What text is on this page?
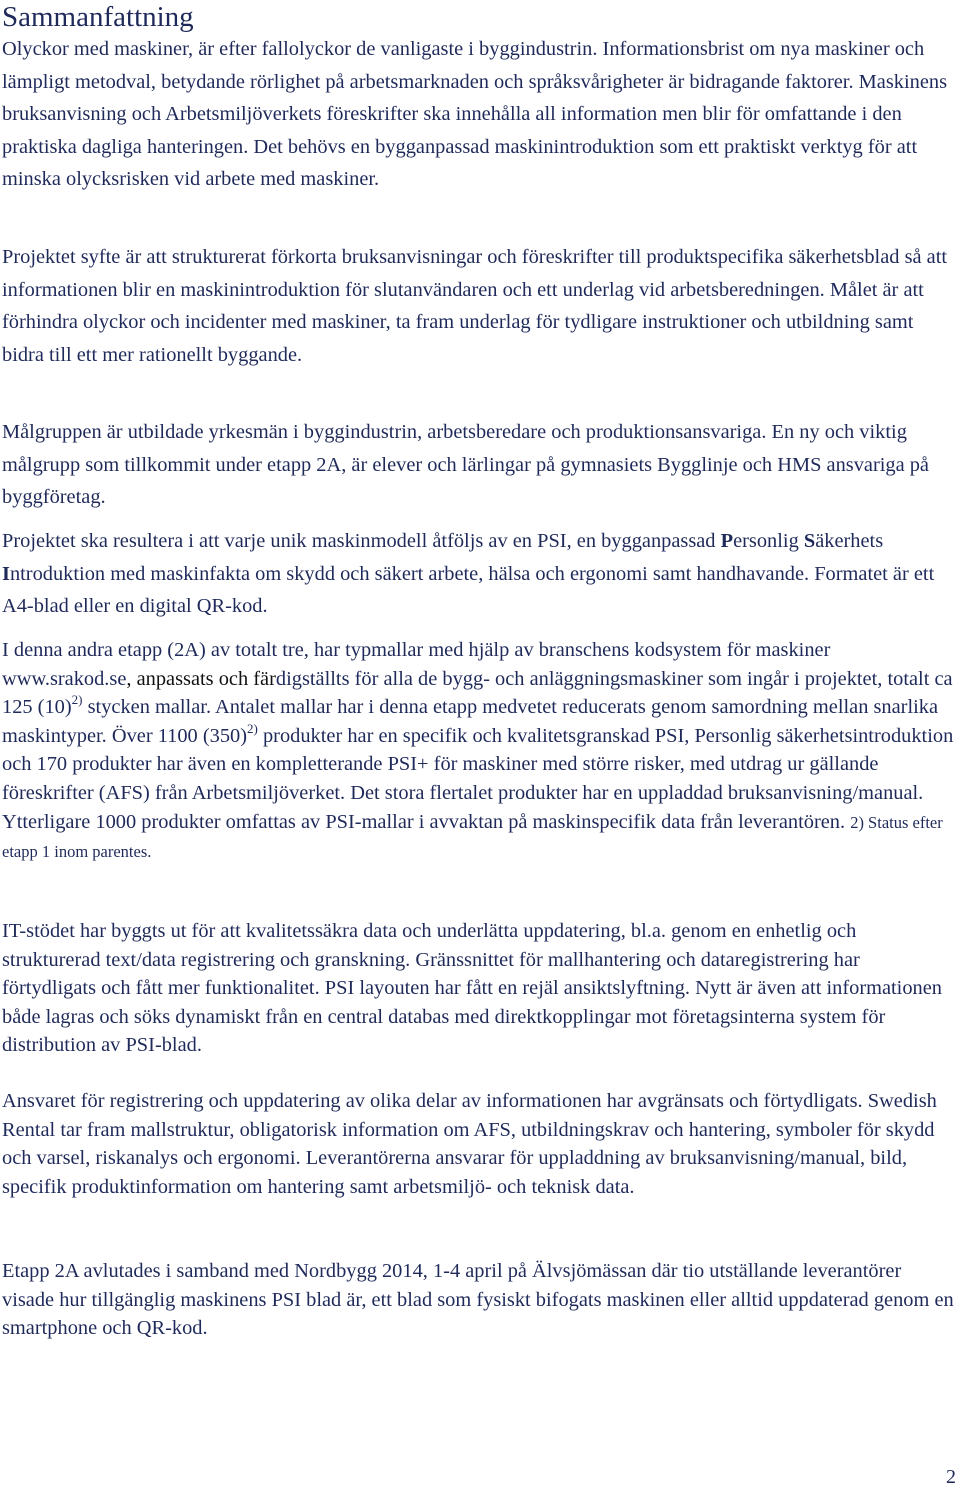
Sammanfattning

Olyckor med maskiner, är efter fallolyckor de vanligaste i byggindustrin. Informationsbrist om nya maskiner och lämpligt metodval, betydande rörlighet på arbetsmarknaden och språksvårigheter är bidragande faktorer. Maskinens bruksanvisning och Arbetsmiljöverkets föreskrifter ska innehålla all information men blir för omfattande i den praktiska dagliga hanteringen. Det behövs en bygganpassad maskinintroduktion som ett praktiskt verktyg för att minska olycksrisken vid arbete med maskiner.

Projektet syfte är att strukturerat förkorta bruksanvisningar och föreskrifter till produktspecifika säkerhetsblad så att informationen blir en maskinintroduktion för slutanvändaren och ett underlag vid arbetsberedningen. Målet är att förhindra olyckor och incidenter med maskiner, ta fram underlag för tydligare instruktioner och utbildning samt bidra till ett mer rationellt byggande.

Målgruppen är utbildade yrkesmän i byggindustrin, arbetsberedare och produktionsansvariga. En ny och viktig målgrupp som tillkommit under etapp 2A, är elever och lärlingar på gymnasiets Bygglinje och HMS ansvariga på byggföretag.

Projektet ska resultera i att varje unik maskinmodell åtföljs av en PSI, en bygganpassad Personlig Säkerhets Introduktion med maskinfakta om skydd och säkert arbete, hälsa och ergonomi samt handhavande. Formatet är ett A4-blad eller en digital QR-kod.

I denna andra etapp (2A) av totalt tre, har typmallar med hjälp av branschens kodsystem för maskiner www.srakod.se, anpassats och färdigställts för alla de bygg- och anläggningsmaskiner som ingår i projektet, totalt ca 125 $(10)^{2)}$ stycken mallar. Antalet mallar har i denna etapp medvetet reducerats genom samordning mellan snarlika maskintyper. Över 1100 $(350)^{2)}$ produkter har en specifik och kvalitetsgranskad PSI, Personlig säkerhetsintroduktion och 170 produkter har även en kompletterande PSI+ för maskiner med större risker, med utdrag ur gällande föreskrifter (AFS) från Arbetsmiljöverket. Det stora flertalet produkter har en uppladdad bruksanvisning/manual. Ytterligare 1000 produkter omfattas av PSI-mallar i avvaktan på maskinspecifik data från leverantören. 2) Status efter etapp 1 inom parentes.

IT-stödet har byggts ut för att kvalitetssäkra data och underlätta uppdatering, bl.a. genom en enhetlig och strukturerad text/data registrering och granskning. Gränssnittet för mallhantering och dataregistrering har förtydligats och fått mer funktionalitet. PSI layouten har fått en rejäl ansiktslyftning. Nytt är även att informationen både lagras och söks dynamiskt från en central databas med direktkopplingar mot företagsinterna system för distribution av PSI-blad.

Ansvaret för registrering och uppdatering av olika delar av informationen har avgränsats och förtydligats. Swedish Rental tar fram mallstruktur, obligatorisk information om AFS, utbildningskrav och hantering, symboler för skydd och varsel, riskanalys och ergonomi. Leverantörerna ansvarar för uppladdning av bruksanvisning/manual, bild, specifik produktinformation om hantering samt arbetsmiljö- och teknisk data.

Etapp 2A avlutades i samband med Nordbygg 2014, 1-4 april på Älvsjömässan där tio utställande leverantörer visade hur tillgänglig maskinens PSI blad är, ett blad som fysiskt bifogats maskinen eller alltid uppdaterad genom en smartphone och QR-kod.

2
